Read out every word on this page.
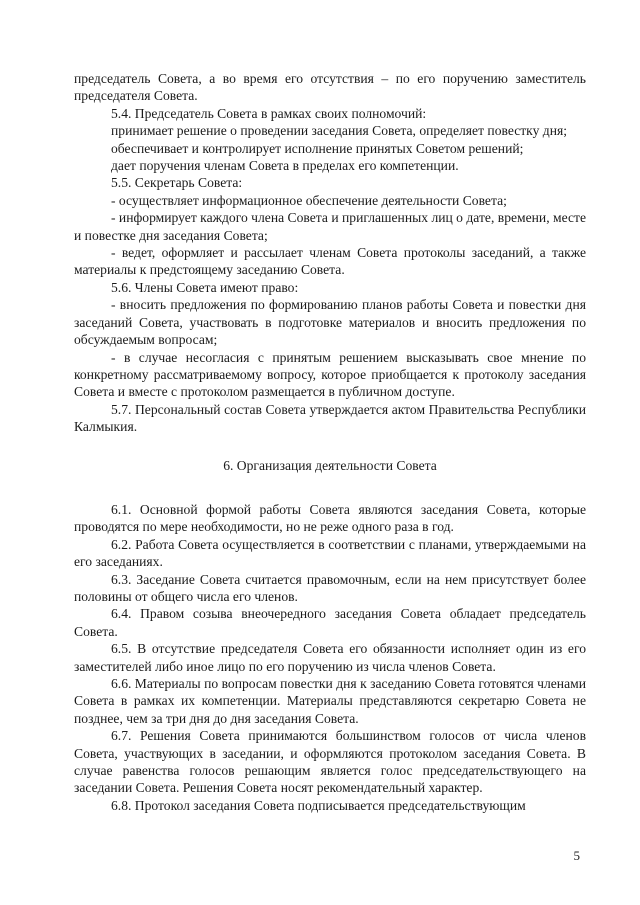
председатель Совета, а во время его отсутствия – по его поручению заместитель председателя Совета.

5.4. Председатель Совета в рамках своих полномочий:

принимает решение о проведении заседания Совета, определяет повестку дня;

обеспечивает и контролирует исполнение принятых Советом решений;

дает поручения членам Совета в пределах его компетенции.

5.5. Секретарь Совета:

- осуществляет информационное обеспечение деятельности Совета;

- информирует каждого члена Совета и приглашенных лиц о дате, времени, месте и повестке дня заседания Совета;

- ведет, оформляет и рассылает членам Совета протоколы заседаний, а также материалы к предстоящему заседанию Совета.

5.6. Члены Совета имеют право:

- вносить предложения по формированию планов работы Совета и повестки дня заседаний Совета, участвовать в подготовке материалов и вносить предложения по обсуждаемым вопросам;

- в случае несогласия с принятым решением высказывать свое мнение по конкретному рассматриваемому вопросу, которое приобщается к протоколу заседания Совета и вместе с протоколом размещается в публичном доступе.

5.7. Персональный состав Совета утверждается актом Правительства Республики Калмыкия.

6. Организация деятельности Совета

6.1. Основной формой работы Совета являются заседания Совета, которые проводятся по мере необходимости, но не реже одного раза в год.

6.2. Работа Совета осуществляется в соответствии с планами, утверждаемыми на его заседаниях.

6.3. Заседание Совета считается правомочным, если на нем присутствует более половины от общего числа его членов.

6.4. Правом созыва внеочередного заседания Совета обладает председатель Совета.

6.5. В отсутствие председателя Совета его обязанности исполняет один из его заместителей либо иное лицо по его поручению из числа членов Совета.

6.6. Материалы по вопросам повестки дня к заседанию Совета готовятся членами Совета в рамках их компетенции. Материалы представляются секретарю Совета не позднее, чем за три дня до дня заседания Совета.

6.7. Решения Совета принимаются большинством голосов от числа членов Совета, участвующих в заседании, и оформляются протоколом заседания Совета. В случае равенства голосов решающим является голос председательствующего на заседании Совета. Решения Совета носят рекомендательный характер.

6.8. Протокол заседания Совета подписывается председательствующим

5
